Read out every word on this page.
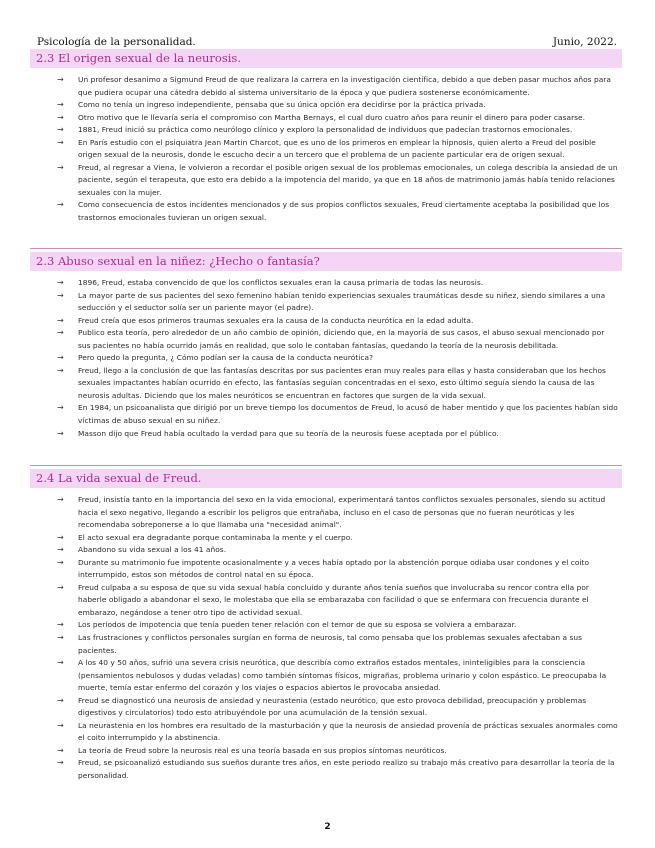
Psicología de la personalidad.	Junio, 2022.
2.3 El origen sexual de la neurosis.
→ Un profesor desanimo a Sigmund Freud de que realizara la carrera en la investigación científica, debido a que deben pasar muchos años para que pudiera ocupar una cátedra debido al sistema universitario de la época y que pudiera sostenerse económicamente.
→ Como no tenía un ingreso independiente, pensaba que su única opción era decidirse por la práctica privada.
→ Otro motivo que le llevaría sería el compromiso con Martha Bernays, el cual duro cuatro años para reunir el dinero para poder casarse.
→ 1881, Freud inició su práctica como neurólogo clínico y exploro la personalidad de individuos que padecían trastornos emocionales.
→ En París estudio con el psiquiatra Jean Martin Charcot, que es uno de los primeros en emplear la hipnosis, quien alerto a Freud del posible origen sexual de la neurosis, donde le escucho decir a un tercero que el problema de un paciente particular era de origen sexual.
→ Freud, al regresar a Viena, le volvieron a recordar el posible origen sexual de los problemas emocionales, un colega describía la ansiedad de un paciente, según el terapeuta, que esto era debido a la impotencia del marido, ya que en 18 años de matrimonio jamás había tenido relaciones sexuales con la mujer.
→ Como consecuencia de estos incidentes mencionados y de sus propios conflictos sexuales, Freud ciertamente aceptaba la posibilidad que los trastornos emocionales tuvieran un origen sexual.
2.3 Abuso sexual en la niñez: ¿Hecho o fantasía?
→ 1896, Freud, estaba convencido de que los conflictos sexuales eran la causa primaria de todas las neurosis.
→ La mayor parte de sus pacientes del sexo femenino habían tenido experiencias sexuales traumáticas desde su niñez, siendo similares a una seducción y el seductor solía ser un pariente mayor (el padre).
→ Freud creía que esos primeros traumas sexuales era la causa de la conducta neurótica en la edad adulta.
→ Publico esta teoría, pero alrededor de un año cambio de opinión, diciendo que, en la mayoría de sus casos, el abuso sexual mencionado por sus pacientes no había ocurrido jamás en realidad, que solo le contaban fantasías, quedando la teoría de la neurosis debilitada.
→ Pero quedo la pregunta, ¿ Cómo podían ser la causa de la conducta neurótica?
→ Freud, llego a la conclusión de que las fantasías descritas por sus pacientes eran muy reales para ellas y hasta consideraban que los hechos sexuales impactantes habían ocurrido en efecto, las fantasías seguían concentradas en el sexo, esto último seguía siendo la causa de las neurosis adultas. Diciendo que los males neuróticos se encuentran en factores que surgen de la vida sexual.
→ En 1984, un psicoanalista que dirigió por un breve tiempo los documentos de Freud, lo acusó de haber mentido y que los pacientes habían sido víctimas de abuso sexual en su niñez.
→ Masson dijo que Freud había ocultado la verdad para que su teoría de la neurosis fuese aceptada por el público.
2.4 La vida sexual de Freud.
→ Freud, insistía tanto en la importancia del sexo en la vida emocional, experimentará tantos conflictos sexuales personales, siendo su actitud hacia el sexo negativo, llegando a escribir los peligros que entrañaba, incluso en el caso de personas que no fueran neuróticas y les recomendaba sobreponerse a lo que llamaba una "necesidad animal".
→ El acto sexual era degradante porque contaminaba la mente y el cuerpo.
→ Abandono su vida sexual a los 41 años.
→ Durante su matrimonio fue impotente ocasionalmente y a veces había optado por la abstención porque odiaba usar condones y el coito interrumpido, estos son métodos de control natal en su época.
→ Freud culpaba a su esposa de que su vida sexual había concluido y durante años tenía sueños que involucraba su rencor contra ella por haberle obligado a abandonar el sexo, le molestaba que ella se embarazaba con facilidad o que se enfermara con frecuencia durante el embarazo, negándose a tener otro tipo de actividad sexual.
→ Los periodos de impotencia que tenía pueden tener relación con el temor de que su esposa se volviera a embarazar.
→ Las frustraciones y conflictos personales surgían en forma de neurosis, tal como pensaba que los problemas sexuales afectaban a sus pacientes.
→ A los 40 y 50 años, sufrió una severa crisis neurótica, que describía como extraños estados mentales, ininteligibles para la consciencia (pensamientos nebulosos y dudas veladas) como también síntomas físicos, migrañas, problema urinario y colon espástico. Le preocupaba la muerte, temía estar enfermo del corazón y los viajes o espacios abiertos le provocaba ansiedad.
→ Freud se diagnosticó una neurosis de ansiedad y neurastenia (estado neurótico, que esto provoca debilidad, preocupación y problemas digestivos y circulatorios) todo esto atribuyéndole por una acumulación de la tensión sexual.
→ La neurastenia en los hombres era resultado de la masturbación y que la neurosis de ansiedad provenía de prácticas sexuales anormales como el coito interrumpido y la abstinencia.
→ La teoría de Freud sobre la neurosis real es una teoría basada en sus propios síntomas neuróticos.
→ Freud, se psicoanalizó estudiando sus sueños durante tres años, en este periodo realizo su trabajo más creativo para desarrollar la teoría de la personalidad.
2
